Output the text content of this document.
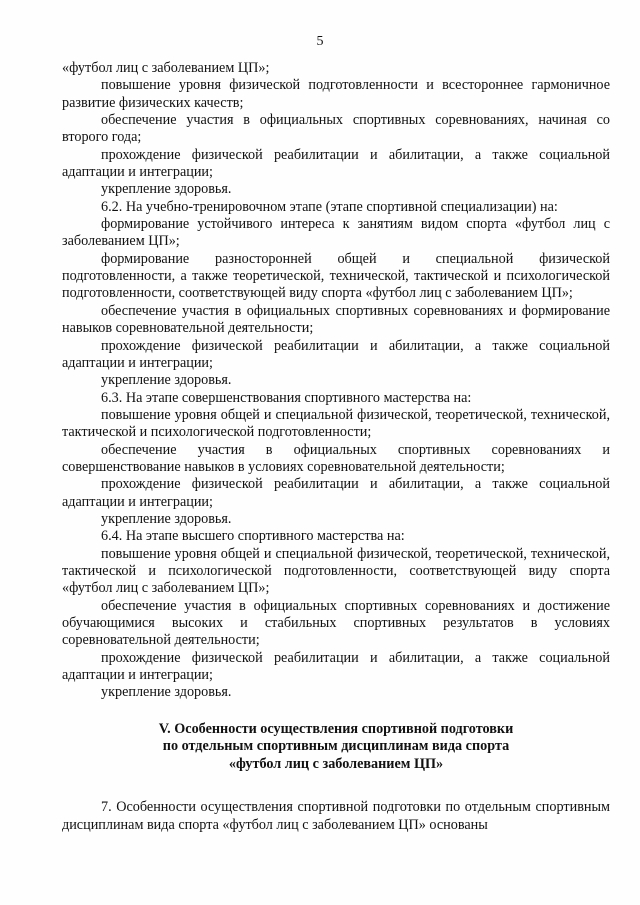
5

«футбол лиц с заболеванием ЦП»;

повышение уровня физической подготовленности и всестороннее гармоничное развитие физических качеств;

обеспечение участия в официальных спортивных соревнованиях, начиная со второго года;

прохождение физической реабилитации и абилитации, а также социальной адаптации и интеграции;

укрепление здоровья.

6.2. На учебно-тренировочном этапе (этапе спортивной специализации) на:

формирование устойчивого интереса к занятиям видом спорта «футбол лиц с заболеванием ЦП»;

формирование разносторонней общей и специальной физической подготовленности, а также теоретической, технической, тактической и психологической подготовленности, соответствующей виду спорта «футбол лиц с заболеванием ЦП»;

обеспечение участия в официальных спортивных соревнованиях и формирование навыков соревновательной деятельности;

прохождение физической реабилитации и абилитации, а также социальной адаптации и интеграции;

укрепление здоровья.

6.3. На этапе совершенствования спортивного мастерства на:

повышение уровня общей и специальной физической, теоретической, технической, тактической и психологической подготовленности;

обеспечение участия в официальных спортивных соревнованиях и совершенствование навыков в условиях соревновательной деятельности;

прохождение физической реабилитации и абилитации, а также социальной адаптации и интеграции;

укрепление здоровья.

6.4. На этапе высшего спортивного мастерства на:

повышение уровня общей и специальной физической, теоретической, технической, тактической и психологической подготовленности, соответствующей виду спорта «футбол лиц с заболеванием ЦП»;

обеспечение участия в официальных спортивных соревнованиях и достижение обучающимися высоких и стабильных спортивных результатов в условиях соревновательной деятельности;

прохождение физической реабилитации и абилитации, а также социальной адаптации и интеграции;

укрепление здоровья.

V. Особенности осуществления спортивной подготовки
по отдельным спортивным дисциплинам вида спорта
«футбол лиц с заболеванием ЦП»

7. Особенности осуществления спортивной подготовки по отдельным спортивным дисциплинам вида спорта «футбол лиц с заболеванием ЦП» основаны
